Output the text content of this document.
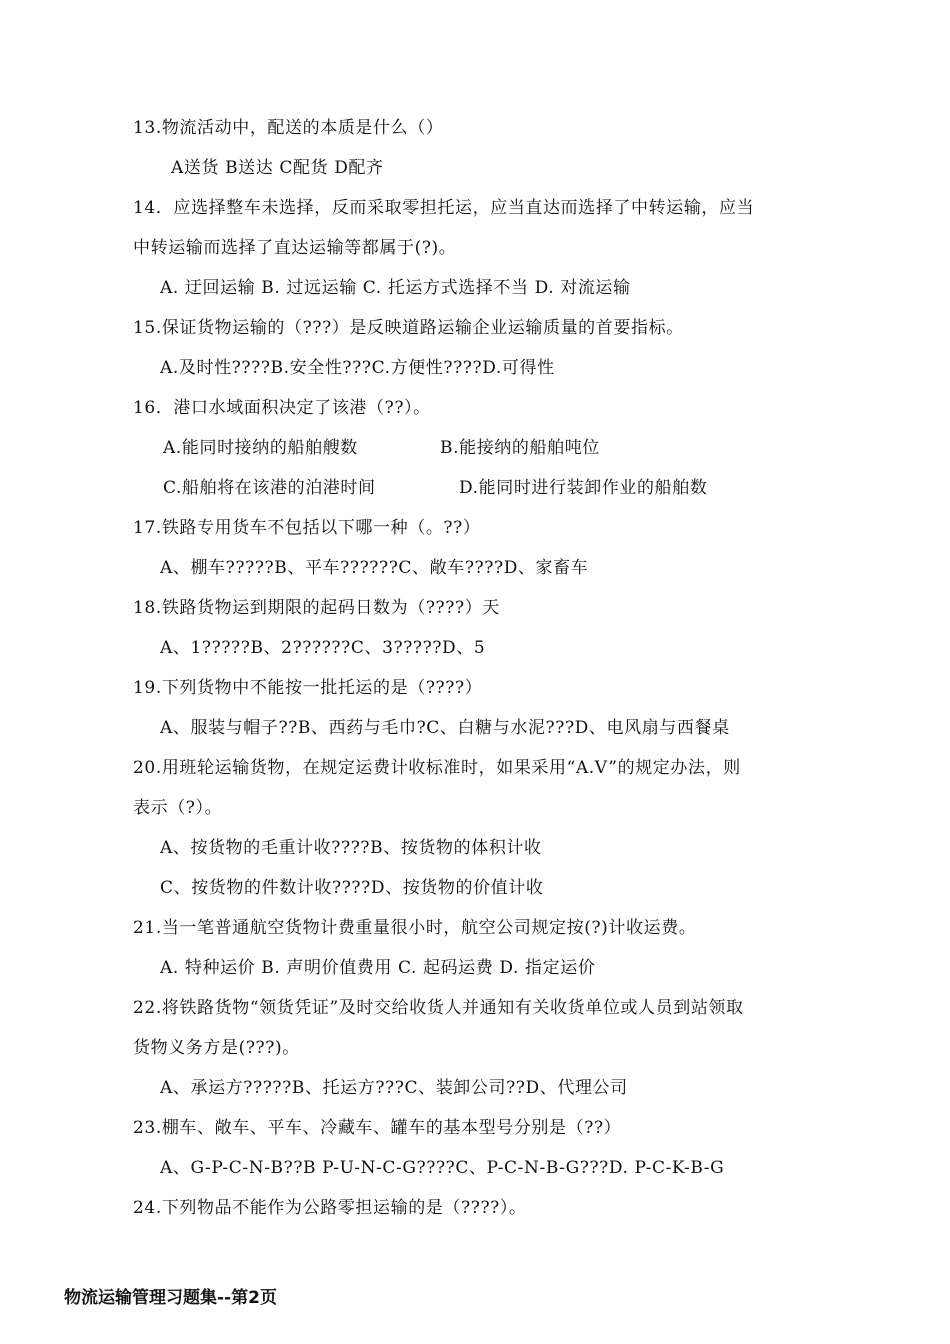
13.物流活动中，配送的本质是什么（）
A送货 B送达 C配货 D配齐
14．应选择整车未选择，反而采取零担托运，应当直达而选择了中转运输，应当
中转运输而选择了直达运输等都属于(?)。
A. 迂回运输 B. 过远运输 C. 托运方式选择不当 D. 对流运输
15.保证货物运输的（???）是反映道路运输企业运输质量的首要指标。
A.及时性????B.安全性???C.方便性????D.可得性
16．港口水域面积决定了该港（??）。
A.能同时接纳的船舶艘数	B.能接纳的船舶吨位
C.船舶将在该港的泊港时间	D.能同时进行装卸作业的船舶数
17.铁路专用货车不包括以下哪一种（。??）
A、棚车?????B、平车??????C、敞车????D、家畜车
18.铁路货物运到期限的起码日数为（????）天
A、1?????B、2??????C、3?????D、5
19.下列货物中不能按一批托运的是（????）
A、服装与帽子??B、西药与毛巾?C、白糖与水泥???D、电风扇与西餐桌
20.用班轮运输货物，在规定运费计收标准时，如果采用“A.V”的规定办法，则
表示（?）。
A、按货物的毛重计收????B、按货物的体积计收
C、按货物的件数计收????D、按货物的价值计收
21.当一笔普通航空货物计费重量很小时，航空公司规定按(?)计收运费。
A. 特种运价 B. 声明价值费用 C. 起码运费 D. 指定运价
22.将铁路货物“领货凭证”及时交给收货人并通知有关收货单位或人员到站领取
货物义务方是(???)。
A、承运方?????B、托运方???C、装卸公司??D、代理公司
23.棚车、敞车、平车、冷藏车、罐车的基本型号分别是（??）
A、G-P-C-N-B??B P-U-N-C-G????C、P-C-N-B-G???D. P-C-K-B-G
24.下列物品不能作为公路零担运输的是（????）。
物流运输管理习题集--第2页
